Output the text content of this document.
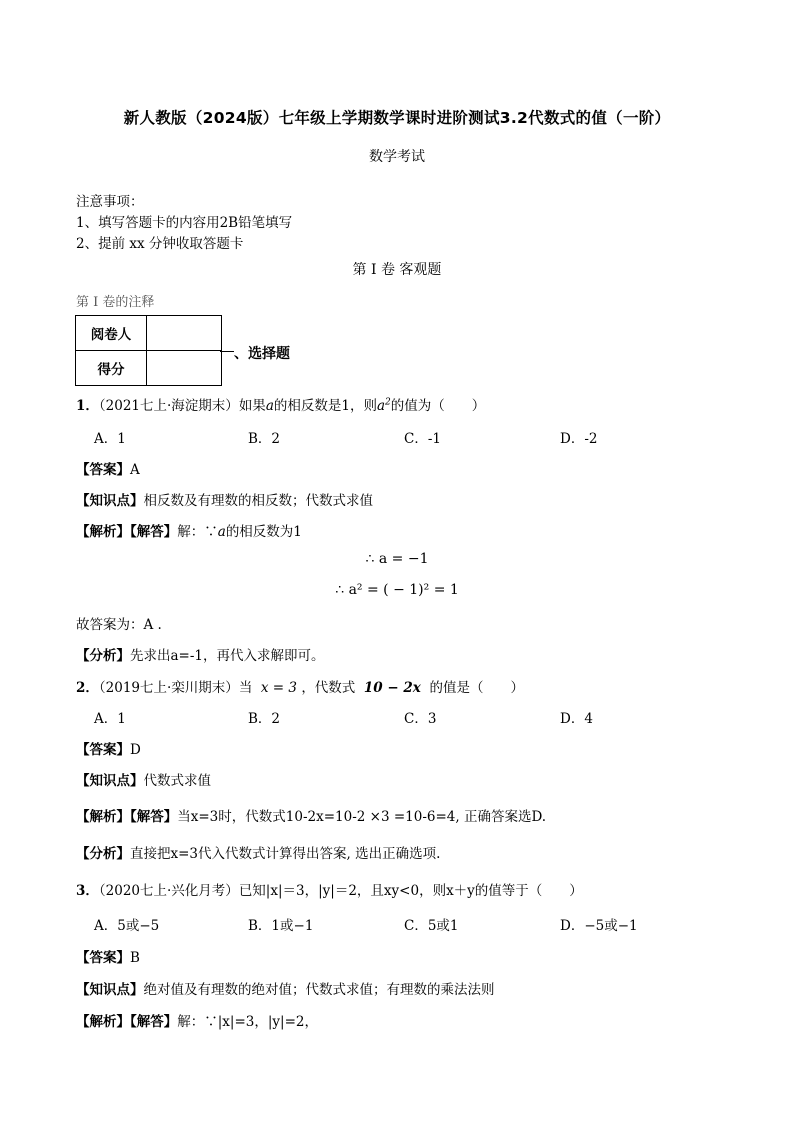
新人教版（2024版）七年级上学期数学课时进阶测试3.2代数式的值（一阶）
数学考试
注意事项：
1、填写答题卡的内容用2B铅笔填写
2、提前 xx 分钟收取答题卡
第 I 卷 客观题
第 I 卷的注释
阅卷人	
得分	
、选择题
1．（2021七上·海淀期末）如果a的相反数是1，则$a^2$的值为（　　）
A．1	B．2	C．-1	D．-2
【答案】A
【知识点】相反数及有理数的相反数；代数式求值
【解析】【解答】解：∵a的相反数为1
∴ a = −1
∴ a² = ( − 1)² = 1
故答案为：A .
【分析】先求出a=-1，再代入求解即可。
2．（2019七上·栾川期末）当 x = 3 ，代数式 10 − 2x 的值是（　　）
A．1	B．2	C．3	D．4
【答案】D
【知识点】代数式求值
【解析】【解答】当x=3时，代数式10-2x=10-2 ×3 =10-6=4, 正确答案选D.
【分析】直接把x=3代入代数式计算得出答案, 选出正确选项.
3．（2020七上·兴化月考）已知|x|＝3，|y|＝2，且xy<0，则x＋y的值等于（　　）
A．5或−5	B．1或−1	C．5或1	D．−5或−1
【答案】B
【知识点】绝对值及有理数的绝对值；代数式求值；有理数的乘法法则
【解析】【解答】解：∵|x|=3，|y|=2，
